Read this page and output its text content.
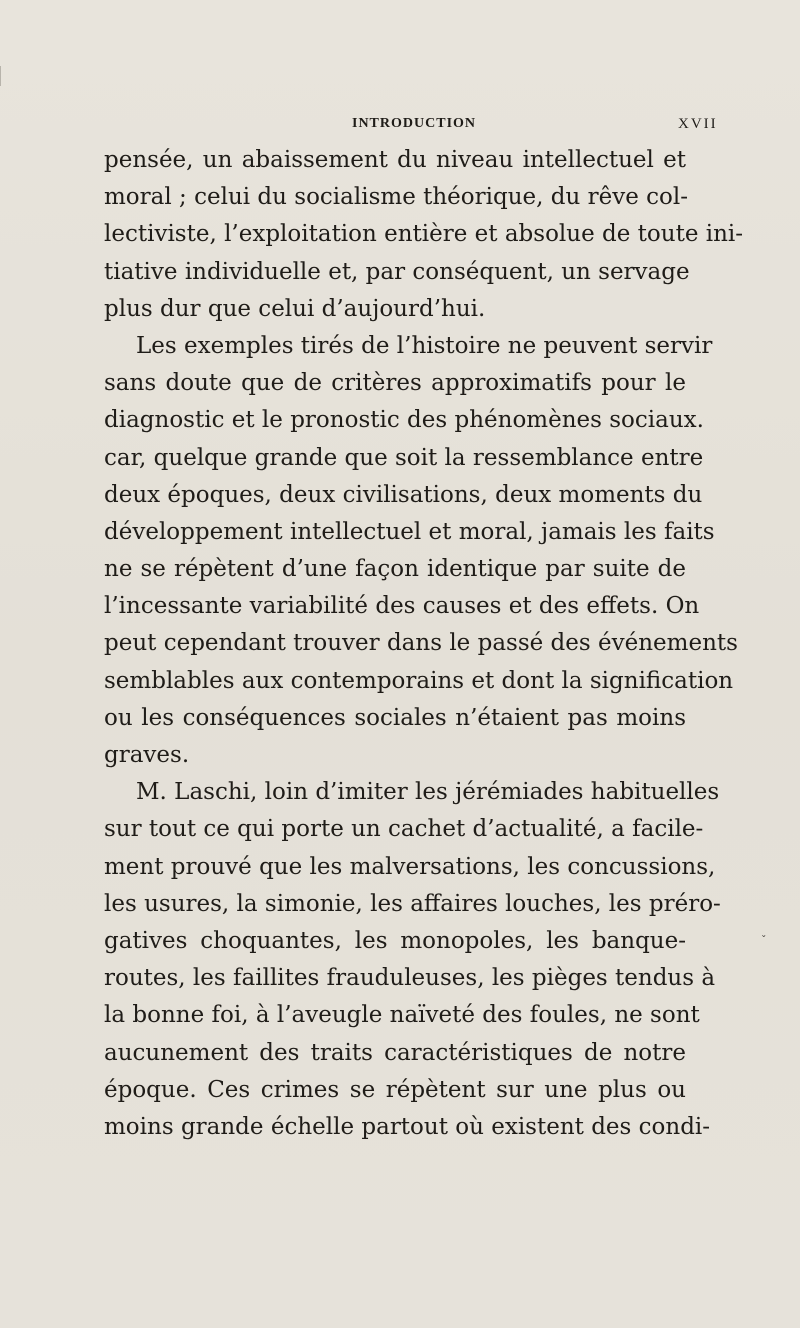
INTRODUCTION	XVII
pensée, un abaissement du niveau intellectuel et
moral ; celui du socialisme théorique, du rêve col-
lectiviste, l’exploitation entière et absolue de toute ini-
tiative individuelle et, par conséquent, un servage
plus dur que celui d’aujourd’hui.
Les exemples tirés de l’histoire ne peuvent servir
sans doute que de critères approximatifs pour le
diagnostic et le pronostic des phénomènes sociaux.
car, quelque grande que soit la ressemblance entre
deux époques, deux civilisations, deux moments du
développement intellectuel et moral, jamais les faits
ne se répètent d’une façon identique par suite de
l’incessante variabilité des causes et des effets. On
peut cependant trouver dans le passé des événements
semblables aux contemporains et dont la signification
ou les conséquences sociales n’étaient pas moins
graves.
M. Laschi, loin d’imiter les jérémiades habituelles
sur tout ce qui porte un cachet d’actualité, a facile-
ment prouvé que les malversations, les concussions,
les usures, la simonie, les affaires louches, les préro-
gatives choquantes, les monopoles, les banque-
routes, les faillites frauduleuses, les pièges tendus à
la bonne foi, à l’aveugle naïveté des foules, ne sont
aucunement des traits caractéristiques de notre
époque. Ces crimes se répètent sur une plus ou
moins grande échelle partout où existent des condi-
ˇ
